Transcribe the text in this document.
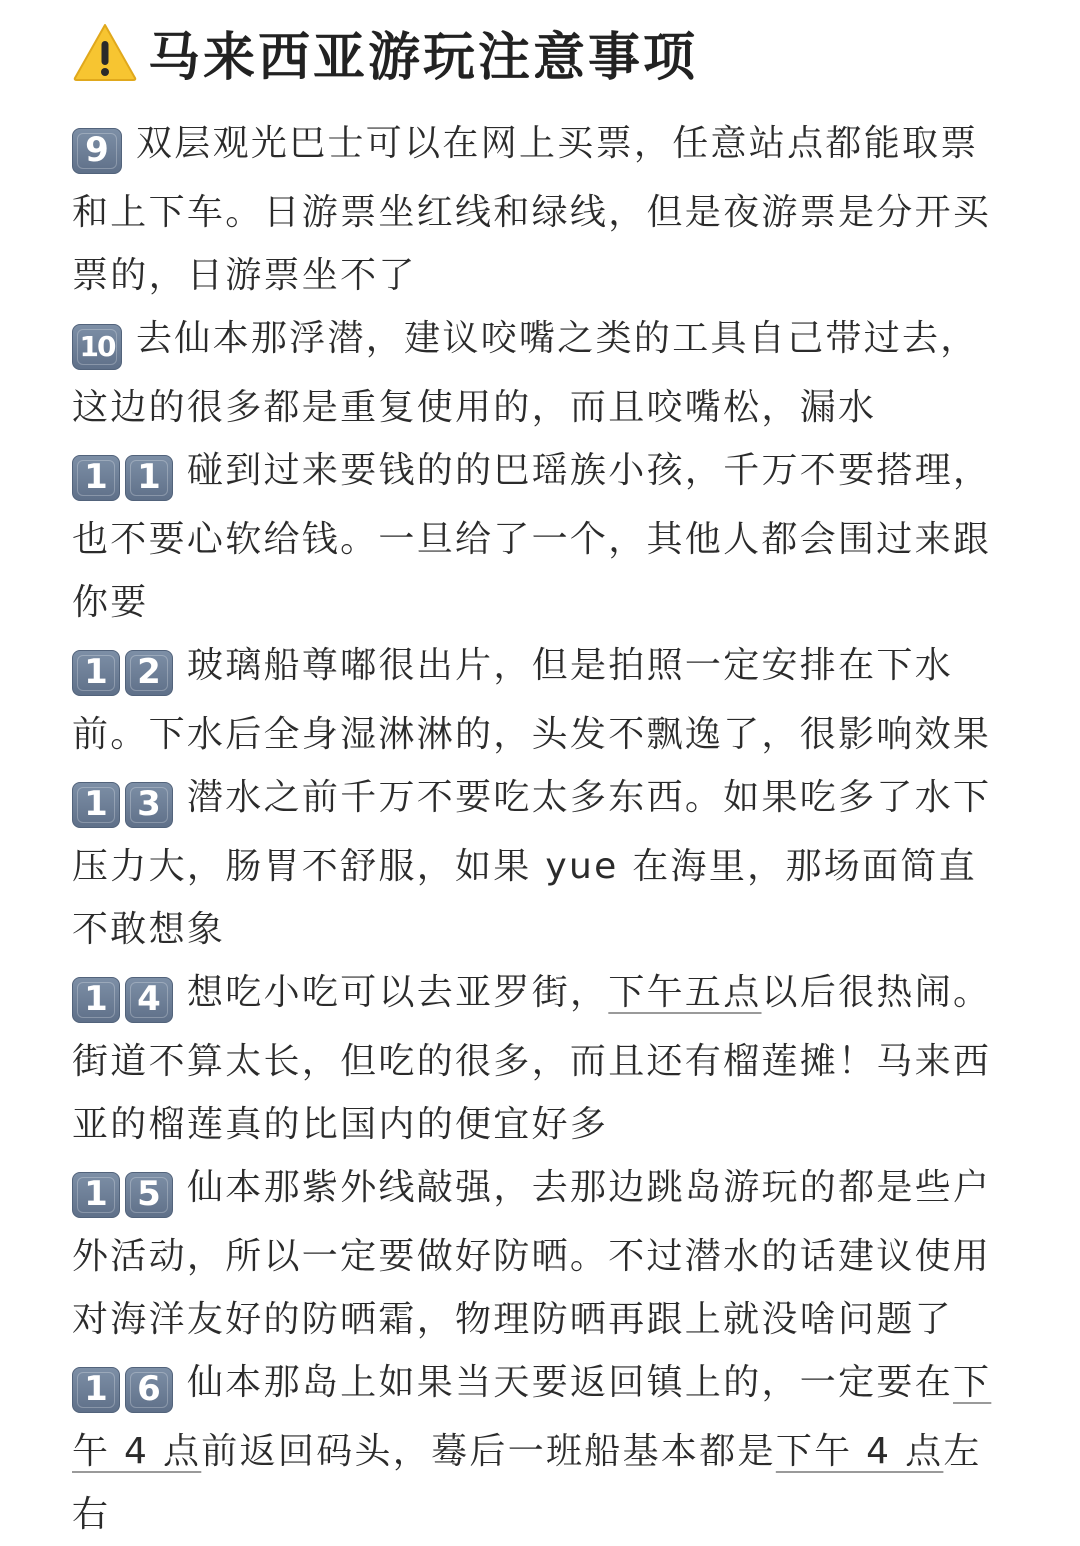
马来西亚游玩注意事项
9 双层观光巴士可以在网上买票，任意站点都能取票和上下车。日游票坐红线和绿线，但是夜游票是分开买票的，日游票坐不了
10 去仙本那浮潜，建议咬嘴之类的工具自己带过去，这边的很多都是重复使用的，而且咬嘴松，漏水
1 1 碰到过来要钱的的巴瑶族小孩，千万不要搭理，也不要心软给钱。一旦给了一个，其他人都会围过来跟你要
1 2 玻璃船尊嘟很出片，但是拍照一定安排在下水前。下水后全身湿淋淋的，头发不飘逸了，很影响效果
1 3 潜水之前千万不要吃太多东西。如果吃多了水下压力大，肠胃不舒服，如果 yue 在海里，那场面简直不敢想象
1 4 想吃小吃可以去亚罗街，下午五点以后很热闹。街道不算太长，但吃的很多，而且还有榴莲摊！马来西亚的榴莲真的比国内的便宜好多
1 5 仙本那紫外线敲强，去那边跳岛游玩的都是些户外活动，所以一定要做好防晒。不过潜水的话建议使用对海洋友好的防晒霜，物理防晒再跟上就没啥问题了
1 6 仙本那岛上如果当天要返回镇上的，一定要在下午 4 点前返回码头，蓦后一班船基本都是下午 4 点左右
